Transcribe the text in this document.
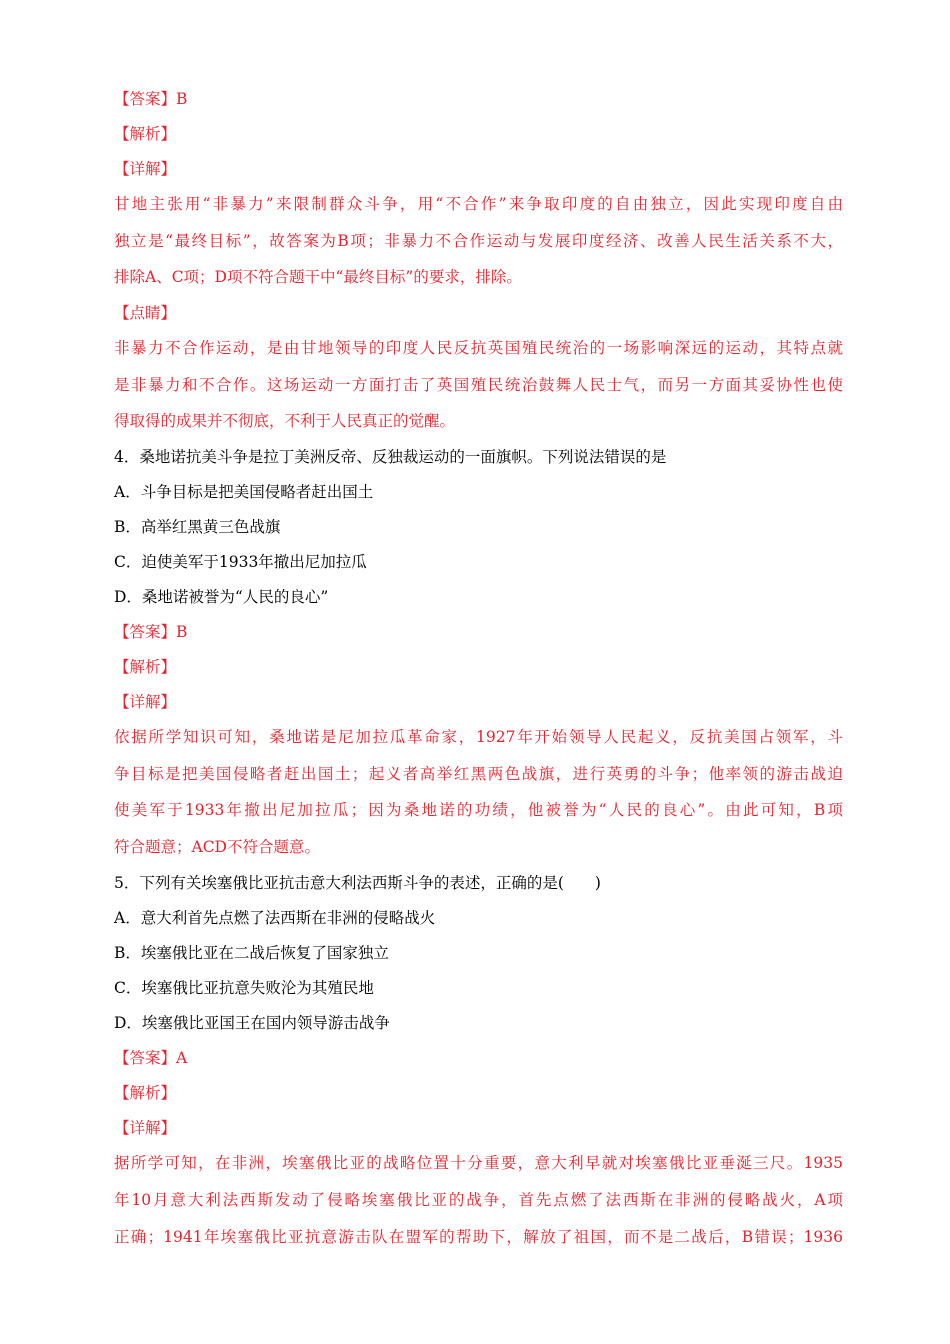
【答案】B
【解析】
【详解】
甘地主张用“非暴力”来限制群众斗争，用“不合作”来争取印度的自由独立，因此实现印度自由
独立是“最终目标”，故答案为B项；非暴力不合作运动与发展印度经济、改善人民生活关系不大，
排除A、C项；D项不符合题干中“最终目标”的要求，排除。
【点睛】
非暴力不合作运动，是由甘地领导的印度人民反抗英国殖民统治的一场影响深远的运动，其特点就
是非暴力和不合作。这场运动一方面打击了英国殖民统治鼓舞人民士气，而另一方面其妥协性也使
得取得的成果并不彻底，不利于人民真正的觉醒。
4．桑地诺抗美斗争是拉丁美洲反帝、反独裁运动的一面旗帜。下列说法错误的是
A．斗争目标是把美国侵略者赶出国土
B．高举红黑黄三色战旗
C．迫使美军于1933年撤出尼加拉瓜
D．桑地诺被誉为“人民的良心”
【答案】B
【解析】
【详解】
依据所学知识可知，桑地诺是尼加拉瓜革命家，1927年开始领导人民起义，反抗美国占领军，斗
争目标是把美国侵略者赶出国土；起义者高举红黑两色战旗，进行英勇的斗争；他率领的游击战迫
使美军于1933年撤出尼加拉瓜；因为桑地诺的功绩，他被誉为“人民的良心”。由此可知，B项
符合题意；ACD不符合题意。
5．下列有关埃塞俄比亚抗击意大利法西斯斗争的表述，正确的是(　　)
A．意大利首先点燃了法西斯在非洲的侵略战火
B．埃塞俄比亚在二战后恢复了国家独立
C．埃塞俄比亚抗意失败沦为其殖民地
D．埃塞俄比亚国王在国内领导游击战争
【答案】A
【解析】
【详解】
据所学可知，在非洲，埃塞俄比亚的战略位置十分重要，意大利早就对埃塞俄比亚垂涎三尺。1935
年10月意大利法西斯发动了侵略埃塞俄比亚的战争，首先点燃了法西斯在非洲的侵略战火，A项
正确；1941年埃塞俄比亚抗意游击队在盟军的帮助下，解放了祖国，而不是二战后，B错误；1936
